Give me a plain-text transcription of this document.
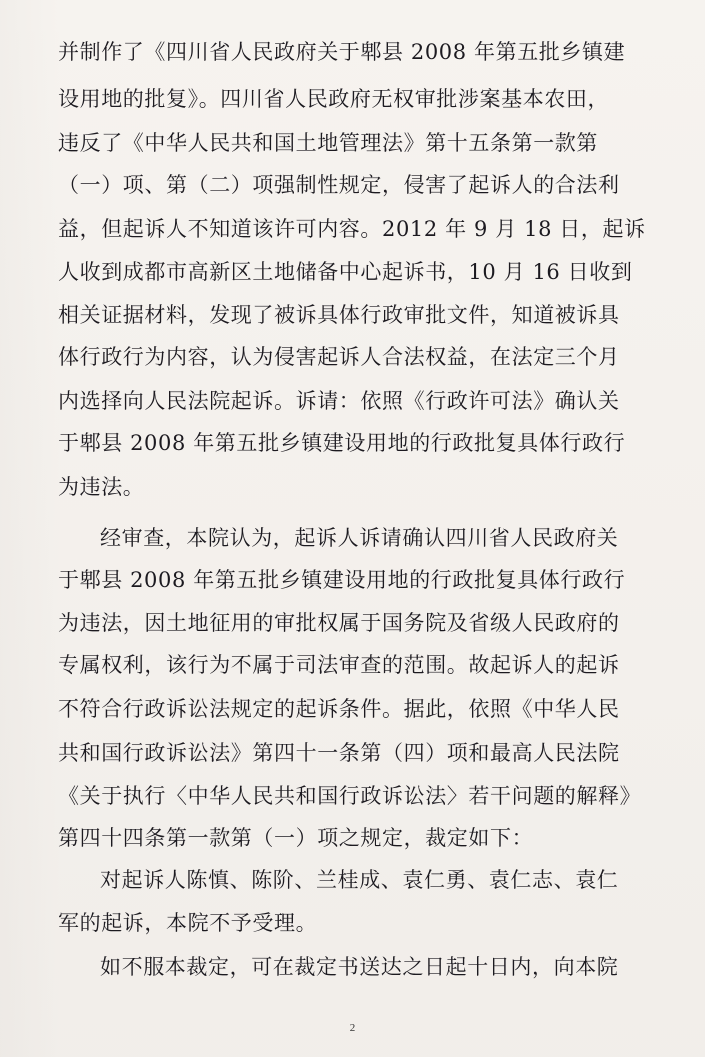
并制作了《四川省人民政府关于郫县 2008 年第五批乡镇建
设用地的批复》。四川省人民政府无权审批涉案基本农田，
违反了《中华人民共和国土地管理法》第十五条第一款第
（一）项、第（二）项强制性规定，侵害了起诉人的合法利
益，但起诉人不知道该许可内容。2012 年 9 月 18 日，起诉
人收到成都市高新区土地储备中心起诉书，10 月 16 日收到
相关证据材料，发现了被诉具体行政审批文件，知道被诉具
体行政行为内容，认为侵害起诉人合法权益，在法定三个月
内选择向人民法院起诉。诉请：依照《行政许可法》确认关
于郫县 2008 年第五批乡镇建设用地的行政批复具体行政行
为违法。
经审查，本院认为，起诉人诉请确认四川省人民政府关
于郫县 2008 年第五批乡镇建设用地的行政批复具体行政行
为违法，因土地征用的审批权属于国务院及省级人民政府的
专属权利，该行为不属于司法审查的范围。故起诉人的起诉
不符合行政诉讼法规定的起诉条件。据此，依照《中华人民
共和国行政诉讼法》第四十一条第（四）项和最高人民法院
《关于执行〈中华人民共和国行政诉讼法〉若干问题的解释》
第四十四条第一款第（一）项之规定，裁定如下：
对起诉人陈慎、陈阶、兰桂成、袁仁勇、袁仁志、袁仁
军的起诉，本院不予受理。
如不服本裁定，可在裁定书送达之日起十日内，向本院
2
